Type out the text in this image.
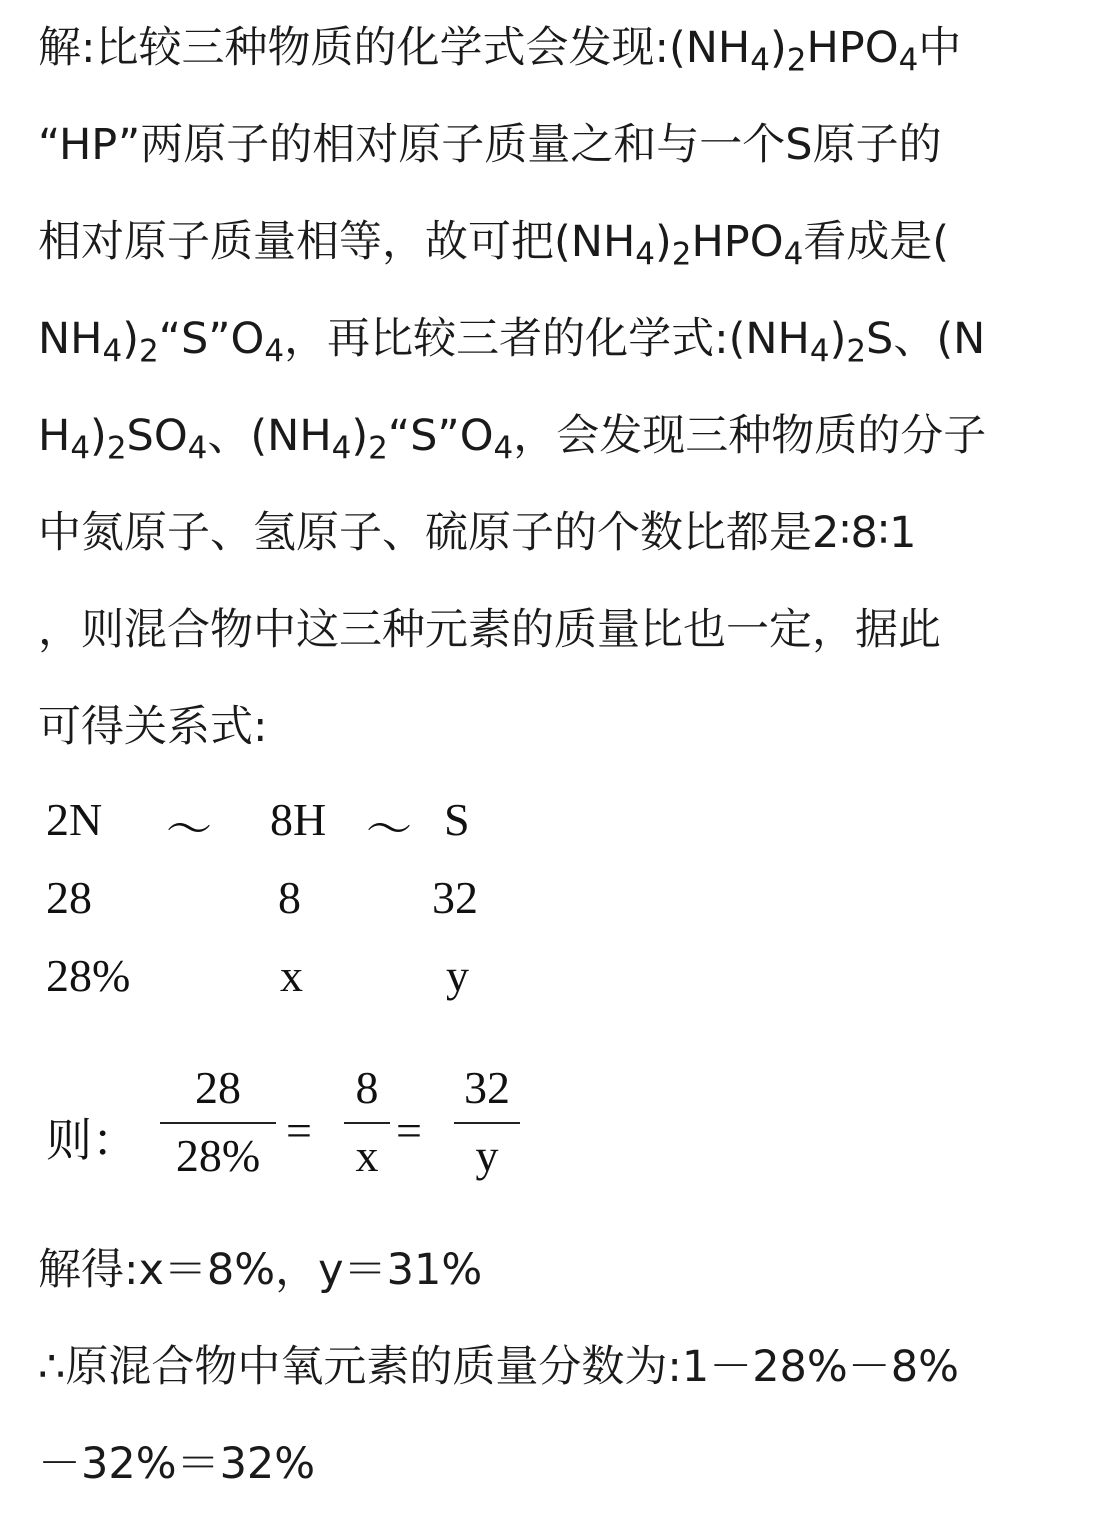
解:比较三种物质的化学式会发现$:(NH_4)_2HPO_4$中
“HP”两原子的相对原子质量之和与一个S原子的
相对原子质量相等，故可把$(NH_4)_2HPO_4$看成是(
$NH_4)_2“S”O_4$，再比较三者的化学式$:(NH_4)_2S$、(N
$H_4)_2SO_4$、$(NH_4)_2“S”O_4$，会发现三种物质的分子
中氮原子、氢原子、硫原子的个数比都是2∶8∶1
，则混合物中这三种元素的质量比也一定，据此
可得关系式:
2N ～ 8H ～ S
28	8	32
28%	x	y
则：
28
28% =
8
x =
32
y
解得:x＝8%，y＝31%
∴原混合物中氧元素的质量分数为:1－28%－8%
－32%＝32%
